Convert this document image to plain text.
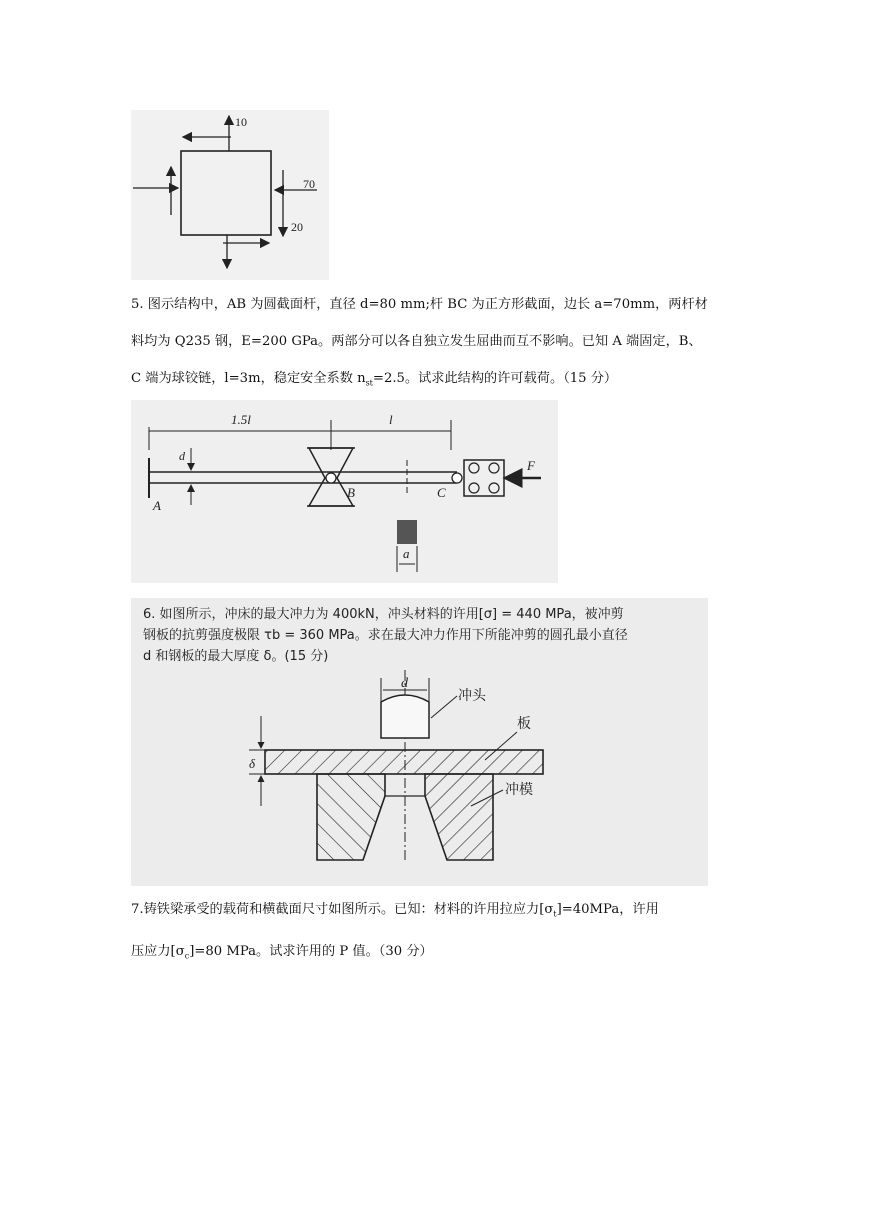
10
70
20
5. 图示结构中，AB 为圆截面杆，直径 d=80 mm;杆 BC 为正方形截面，边长 a=70mm，两杆材
料均为 Q235 钢，E=200 GPa。两部分可以各自独立发生屈曲而互不影响。已知 A 端固定，B、
C 端为球铰链，l=3m，稳定安全系数 $n_{st}=2.5$。试求此结构的许可载荷。（15 分）
1.5l	l
d
A
B	C
F
a
6. 如图所示，冲床的最大冲力为 400kN，冲头材料的许用[σ] = 440 MPa，被冲剪
钢板的抗剪强度极限 τb = 360 MPa。求在最大冲力作用下所能冲剪的圆孔最小直径
d 和钢板的最大厚度 δ。(15 分)
d
冲头
板
δ
冲模
7.铸铁梁承受的载荷和横截面尺寸如图所示。已知：材料的许用拉应力$[\sigma_t]=40MPa$，许用
压应力$[\sigma_c]=80$ MPa。试求许用的 P 值。（30 分）
